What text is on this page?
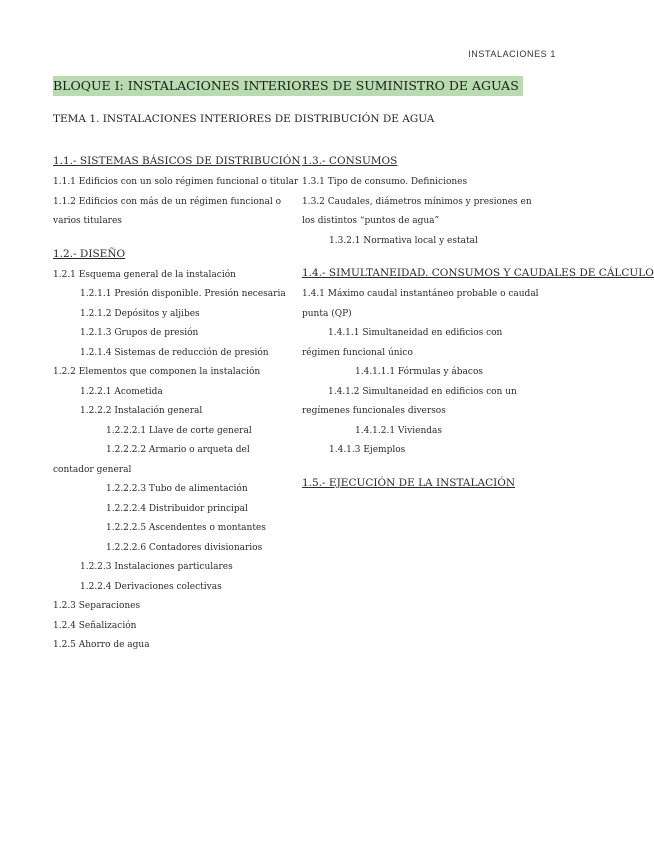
INSTALACIONES 1
BLOQUE I: INSTALACIONES INTERIORES DE SUMINISTRO DE AGUAS
TEMA 1. INSTALACIONES INTERIORES DE DISTRIBUCIÓN DE AGUA
1.1.- SISTEMAS BÁSICOS DE DISTRIBUCIÓN
1.1.1 Edificios con un solo régimen funcional o titular
1.1.2 Edificios con más de un régimen funcional o varios titulares
1.2.- DISEÑO
1.2.1 Esquema general de la instalación
1.2.1.1 Presión disponible. Presión necesaria
1.2.1.2 Depósitos y aljibes
1.2.1.3 Grupos de presión
1.2.1.4 Sistemas de reducción de presión
1.2.2 Elementos que componen la instalación
1.2.2.1 Acometida
1.2.2.2 Instalación general
1.2.2.2.1 Llave de corte general
1.2.2.2.2 Armario o arqueta del contador general
1.2.2.2.3 Tubo de alimentación
1.2.2.2.4 Distribuidor principal
1.2.2.2.5 Ascendentes o montantes
1.2.2.2.6 Contadores divisionarios
1.2.2.3 Instalaciones particulares
1.2.2.4 Derivaciones colectivas
1.2.3 Separaciones
1.2.4 Señalización
1.2.5 Ahorro de agua
1.3.- CONSUMOS
1.3.1 Tipo de consumo. Definiciones
1.3.2 Caudales, diámetros mínimos y presiones en los distintos “puntos de agua”
1.3.2.1 Normativa local y estatal
1.4.- SIMULTANEIDAD. CONSUMOS Y CAUDALES DE CÁLCULO
1.4.1 Máximo caudal instantáneo probable o caudal punta (QP)
1.4.1.1 Simultaneidad en edificios con régimen funcional único
1.4.1.1.1 Fórmulas y ábacos
1.4.1.2 Simultaneidad en edificios con un regímenes funcionales diversos
1.4.1.2.1 Viviendas
1.4.1.3 Ejemplos
1.5.- EJECUCIÓN DE LA INSTALACIÓN
